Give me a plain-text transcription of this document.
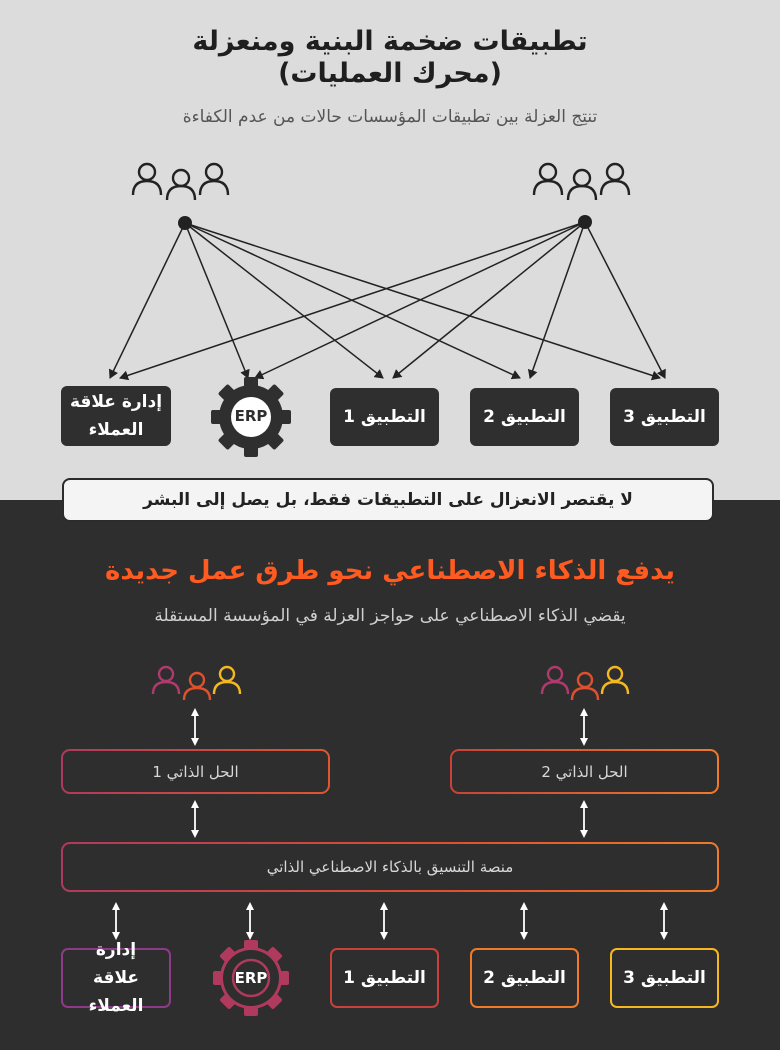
تطبيقات ضخمة البنية ومنعزلة
(محرك العمليات)
تنتِج العزلة بين تطبيقات المؤسسات حالات من عدم الكفاءة
ERP
إدارة علاقة العملاء
التطبيق 1	التطبيق 2	التطبيق 3
لا يقتصر الانعزال على التطبيقات فقط، بل يصل إلى البشر
يدفع الذكاء الاصطناعي نحو طرق عمل جديدة
يقضي الذكاء الاصطناعي على حواجز العزلة في المؤسسة المستقلة
ERP
الحل الذاتي 1	الحل الذاتي 2
منصة التنسيق بالذكاء الاصطناعي الذاتي
إدارة علاقة العملاء
التطبيق 1	التطبيق 2	التطبيق 3
